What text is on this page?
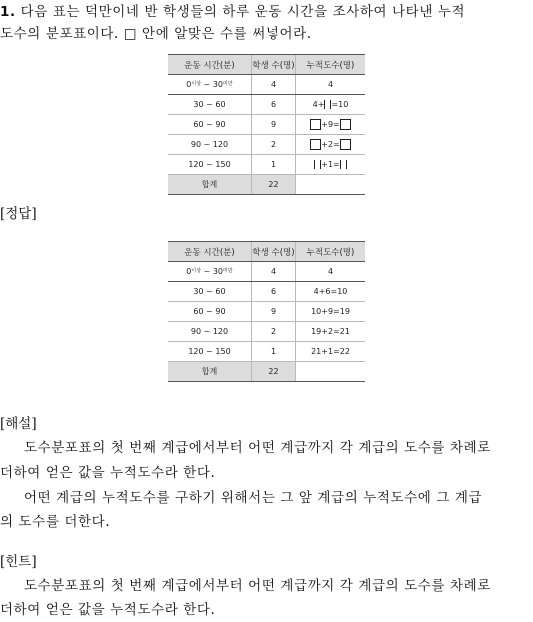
1. 다음 표는 덕만이네 반 학생들의 하루 운동 시간을 조사하여 나타낸 누적

도수의 분포표이다. □ 안에 알맞은 수를 써넣어라.

운동 시간(분)	학생 수(명)	누적도수(명)
$0^{이상}$ ~ $30^{미만}$	4	4
30 ~ 60	6	4+ =10
60 ~ 90	9	+9=
90 ~ 120	2	+2=
120 ~ 150	1	+1=
합계	22	
[정답]
운동 시간(분)	학생 수(명)	누적도수(명)
$0^{이상}$ ~ $30^{미만}$	4	4
30 ~ 60	6	4+6=10
60 ~ 90	9	10+9=19
90 ~ 120	2	19+2=21
120 ~ 150	1	21+1=22
합계	22	
[해설]

도수분포표의 첫 번째 계급에서부터 어떤 계급까지 각 계급의 도수를 차례로

더하여 얻은 값을 누적도수라 한다.

어떤 계급의 누적도수를 구하기 위해서는 그 앞 계급의 누적도수에 그 계급

의 도수를 더한다.

[힌트]

도수분포표의 첫 번째 계급에서부터 어떤 계급까지 각 계급의 도수를 차례로

더하여 얻은 값을 누적도수라 한다.
